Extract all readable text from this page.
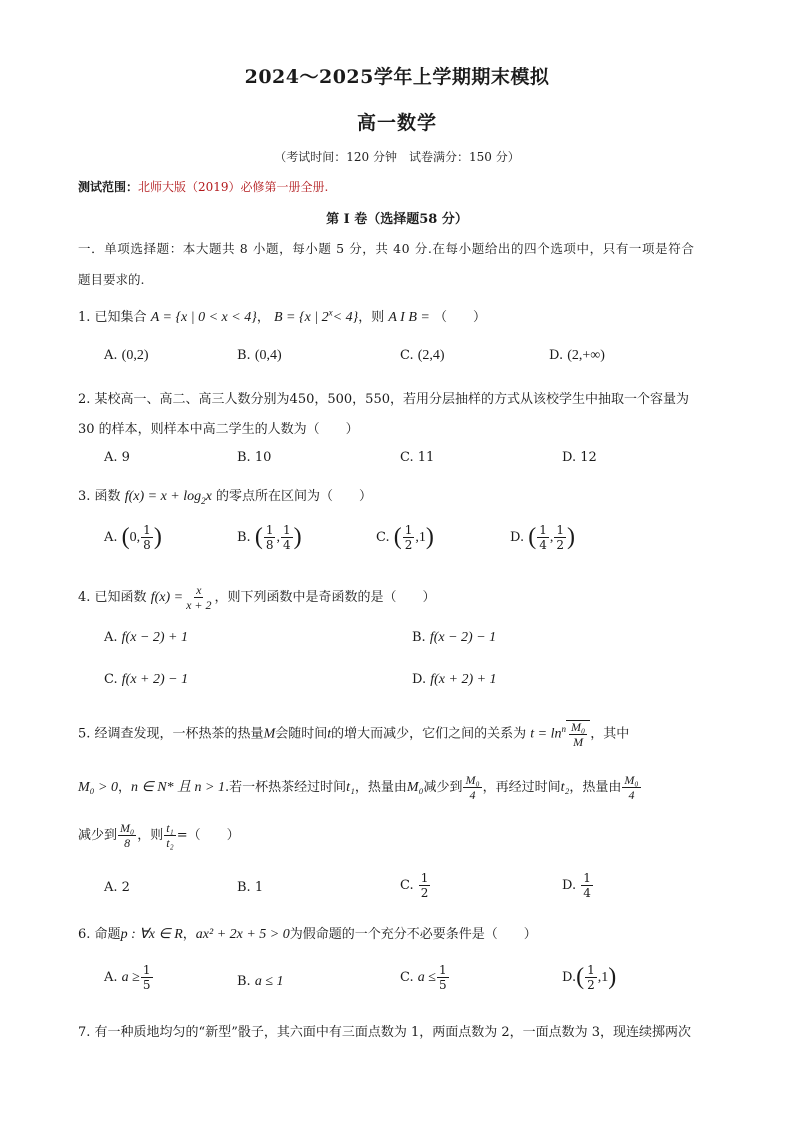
2024～2025学年上学期期末模拟
高一数学
（考试时间：120 分钟　试卷满分：150 分）
测试范围：北师大版（2019）必修第一册全册.
第 I 卷（选择题58 分）
一．单项选择题：本大题共 8 小题，每小题 5 分，共 40 分.在每小题给出的四个选项中，只有一项是符合
题目要求的.
1. 已知集合 A = {x | 0 < x < 4}， B = {x | $2^x< 4$}，则 A I B = （　　）
A. (0,2)	B. (0,4)	C. (2,4)	D. (2,+∞)
2. 某校高一、高二、高三人数分别为450，500，550，若用分层抽样的方式从该校学生中抽取一个容量为
30 的样本，则样本中高二学生的人数为（　　）
A. 9	B. 10	C. 11	D. 12
3. 函数 $f(x) = x + \log_2x$ 的零点所在区间为（　　）
A. (0, $\frac{1}{8}$ )	B. ( $\frac{1}{8}$ , $\frac{1}{4}$ )	C. ( $\frac{1}{2} ,1$)	D. ( $\frac{1}{4}$ , $\frac{1}{2}$ )
4. 已知函数 $f(x) = \frac{x}{x + 2}$ ，则下列函数中是奇函数的是（　　）
A. f(x − 2) + 1	B. f(x − 2) − 1
C. f(x + 2) − 1	D. f(x + 2) + 1
5. 经调查发现，一杯热茶的热量M会随时间t的增大而减少，它们之间的关系为 $t = \ln^n \frac{\text{M₀}}{M}$ ，其中
M₀ > 0，n ∈ N* 且 n > 1.若一杯热茶经过时间t₁，热量由M₀减少到 $\frac{\text{M₀}}{4}$ ，再经过时间t₂，热量由 $\frac{\text{M₀}}{4}$
减少到 $\frac{\text{M₀}}{8}$ ，则 $\frac{\text{t₁}}{\text{t₂}}$ =（　　）
A. 2	B. 1	C. $\frac{1}{2}$	D. $\frac{1}{4}$
6. 命题p : ∀x ∈ R，ax² + 2x + 5 > 0为假命题的一个充分不必要条件是（　　）
A. $a \ge \frac{1}{5}$	B. a ≤ 1	C. $a \le \frac{1}{5}$	$D.( \frac{1}{2} ,1)$
7. 有一种质地均匀的“新型”骰子，其六面中有三面点数为 1，两面点数为 2，一面点数为 3，现连续掷两次
